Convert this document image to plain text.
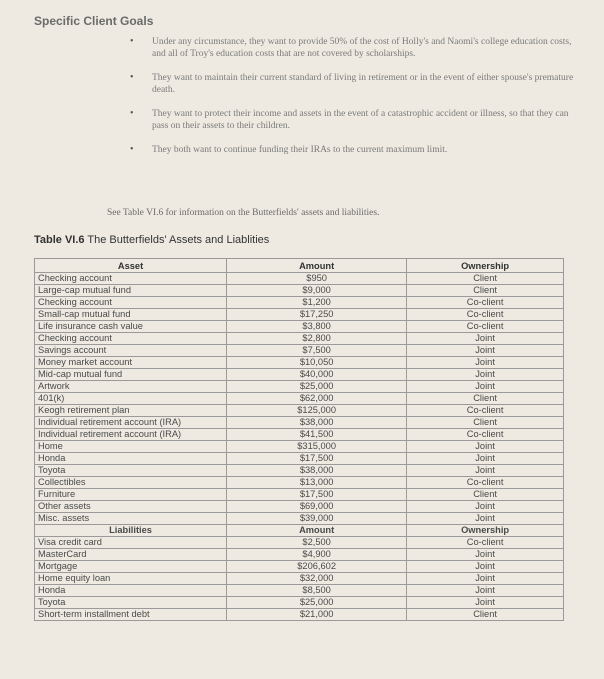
Specific Client Goals
• Under any circumstance, they want to provide 50% of the cost of Holly's and Naomi's college education costs, and all of Troy's education costs that are not covered by scholarships.
• They want to maintain their current standard of living in retirement or in the event of either spouse's premature death.
• They want to protect their income and assets in the event of a catastrophic accident or illness, so that they can pass on their assets to their children.
• They both want to continue funding their IRAs to the current maximum limit.
See Table VI.6 for information on the Butterfields' assets and liabilities.
Table VI.6 The Butterfields' Assets and Liablities
Asset	Amount	Ownership
Checking account	$950	Client
Large-cap mutual fund	$9,000	Client
Checking account	$1,200	Co-client
Small-cap mutual fund	$17,250	Co-client
Life insurance cash value	$3,800	Co-client
Checking account	$2,800	Joint
Savings account	$7,500	Joint
Money market account	$10,050	Joint
Mid-cap mutual fund	$40,000	Joint
Artwork	$25,000	Joint
401(k)	$62,000	Client
Keogh retirement plan	$125,000	Co-client
Individual retirement account (IRA)	$38,000	Client
Individual retirement account (IRA)	$41,500	Co-client
Home	$315,000	Joint
Honda	$17,500	Joint
Toyota	$38,000	Joint
Collectibles	$13,000	Co-client
Furniture	$17,500	Client
Other assets	$69,000	Joint
Misc. assets	$39,000	Joint
Liabilities	Amount	Ownership
Visa credit card	$2,500	Co-client
MasterCard	$4,900	Joint
Mortgage	$206,602	Joint
Home equity loan	$32,000	Joint
Honda	$8,500	Joint
Toyota	$25,000	Joint
Short-term installment debt	$21,000	Client
